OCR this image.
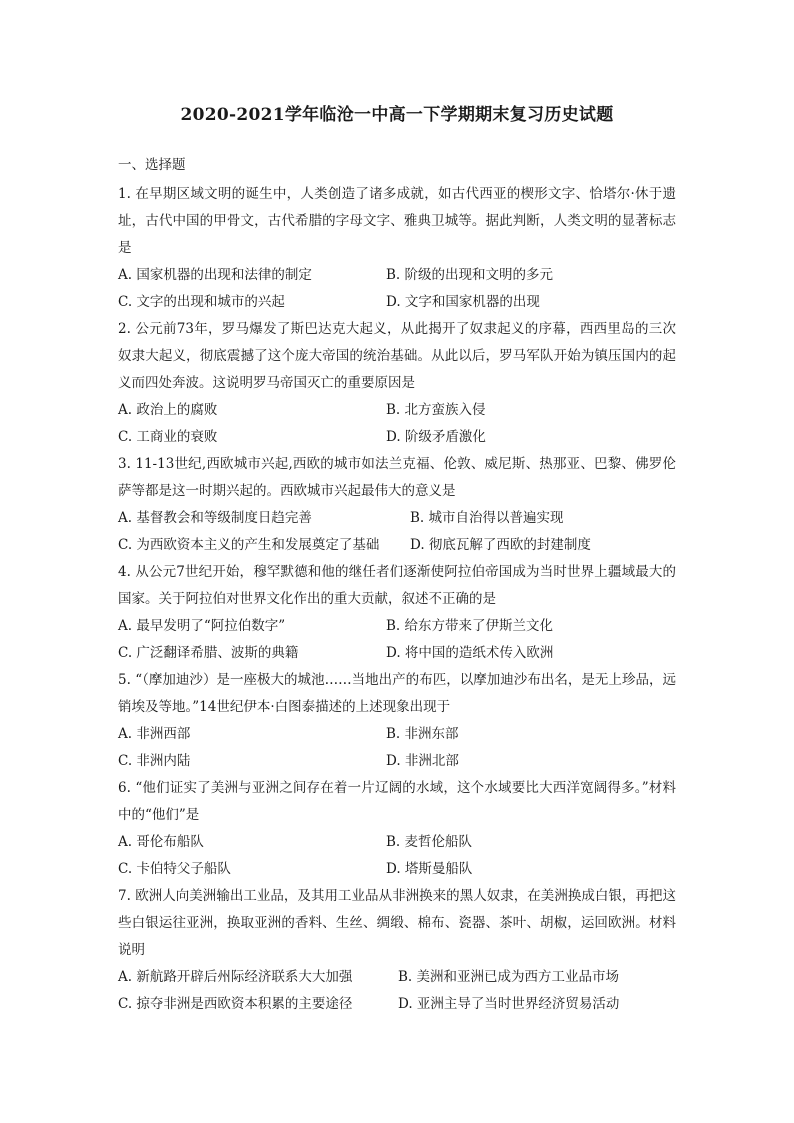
2020-2021学年临沧一中高一下学期期末复习历史试题
一、选择题

1. 在早期区域文明的诞生中，人类创造了诸多成就，如古代西亚的楔形文字、恰塔尔·休于遗址，古代中国的甲骨文，古代希腊的字母文字、雅典卫城等。据此判断，人类文明的显著标志是

A. 国家机器的出现和法律的制定	B. 阶级的出现和文明的多元
C. 文字的出现和城市的兴起	D. 文字和国家机器的出现

2. 公元前73年，罗马爆发了斯巴达克大起义，从此揭开了奴隶起义的序幕，西西里岛的三次奴隶大起义，彻底震撼了这个庞大帝国的统治基础。从此以后，罗马军队开始为镇压国内的起义而四处奔波。这说明罗马帝国灭亡的重要原因是

A. 政治上的腐败	B. 北方蛮族入侵
C. 工商业的衰败	D. 阶级矛盾激化

3. 11-13世纪,西欧城市兴起,西欧的城市如法兰克福、伦敦、威尼斯、热那亚、巴黎、佛罗伦萨等都是这一时期兴起的。西欧城市兴起最伟大的意义是

A. 基督教会和等级制度日趋完善	B. 城市自治得以普遍实现
C. 为西欧资本主义的产生和发展奠定了基础	D. 彻底瓦解了西欧的封建制度

4. 从公元7世纪开始，穆罕默德和他的继任者们逐渐使阿拉伯帝国成为当时世界上疆域最大的国家。关于阿拉伯对世界文化作出的重大贡献，叙述不正确的是

A. 最早发明了“阿拉伯数字”	B. 给东方带来了伊斯兰文化
C. 广泛翻译希腊、波斯的典籍	D. 将中国的造纸术传入欧洲

5. “（摩加迪沙）是一座极大的城池……当地出产的布匹，以摩加迪沙布出名，是无上珍品，远销埃及等地。”14世纪伊本·白图泰描述的上述现象出现于

A. 非洲西部	B. 非洲东部
C. 非洲内陆	D. 非洲北部

6. “他们证实了美洲与亚洲之间存在着一片辽阔的水域，这个水域要比大西洋宽阔得多。”材料中的“他们”是

A. 哥伦布船队	B. 麦哲伦船队
C. 卡伯特父子船队	D. 塔斯曼船队

7. 欧洲人向美洲输出工业品，及其用工业品从非洲换来的黑人奴隶，在美洲换成白银，再把这些白银运往亚洲，换取亚洲的香料、生丝、绸缎、棉布、瓷器、茶叶、胡椒，运回欧洲。材料说明

A. 新航路开辟后州际经济联系大大加强	B. 美洲和亚洲已成为西方工业品市场
C. 掠夺非洲是西欧资本积累的主要途径	D. 亚洲主导了当时世界经济贸易活动
